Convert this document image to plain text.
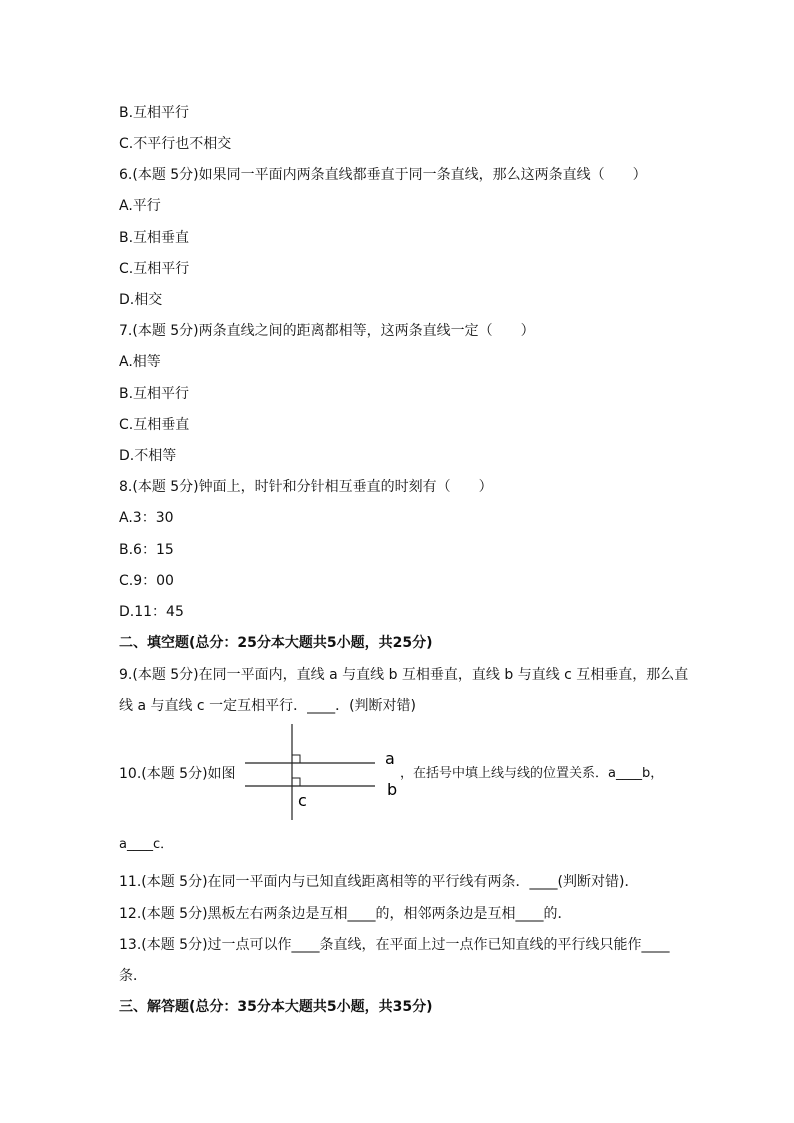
B.互相平行
C.不平行也不相交
6.(本题 5分)如果同一平面内两条直线都垂直于同一条直线，那么这两条直线（　　）
A.平行
B.互相垂直
C.互相平行
D.相交
7.(本题 5分)两条直线之间的距离都相等，这两条直线一定（　　）
A.相等
B.互相平行
C.互相垂直
D.不相等
8.(本题 5分)钟面上，时针和分针相互垂直的时刻有（　　）
A.3：30
B.6：15
C.9：00
D.11：45
二、填空题(总分：25分本大题共5小题，共25分)
9.(本题 5分)在同一平面内，直线 a 与直线 b 互相垂直，直线 b 与直线 c 互相垂直，那么直
线 a 与直线 c 一定互相平行．____．(判断对错)
10.(本题 5分)如图
a
b
c
，在括号中填上线与线的位置关系．a____b，
a____c．
11.(本题 5分)在同一平面内与已知直线距离相等的平行线有两条．____(判断对错)．
12.(本题 5分)黑板左右两条边是互相____的，相邻两条边是互相____的．
13.(本题 5分)过一点可以作____条直线，在平面上过一点作已知直线的平行线只能作____
条．
三、解答题(总分：35分本大题共5小题，共35分)
